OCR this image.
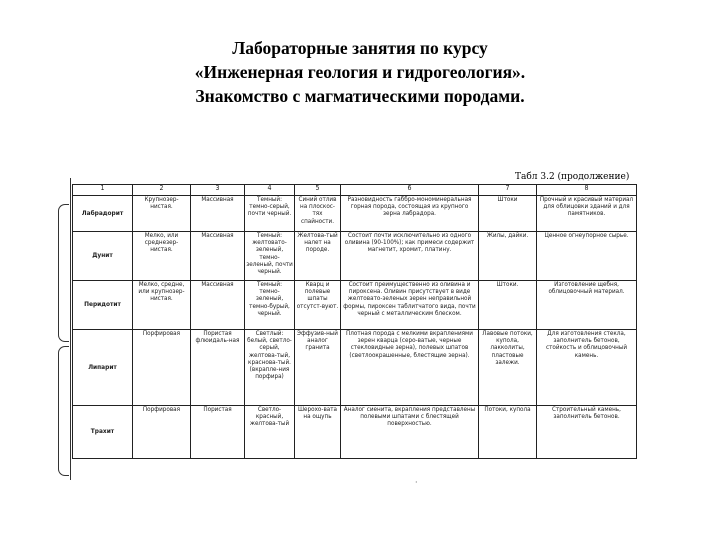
Лабораторные занятия по курсу
«Инженерная геология и гидрогеология».
Знакомство с магматическими породами.
Табл 3.2 (продолжение)
·
1	2	3	4	5	6	7	8
Лабрадорит	Крупнозер-нистая.	Массивная	Темный: темно-серый, почти черный.	Синий отлив на плоскос-тях спайности.	Разновидность габбро-мономинеральная горная порода, состоящая из крупного зерна лабрадора.	Штоки	Прочный и красивый материал для облицовки зданий и для памятников.
Дунит	Мелко, или среднезер-нистая.	Массивная	Темный: желтовато-зеленый, темно-зеленый, почти черный.	Желтова-тый налет на породе.	Состоит почти исключительно из одного оливина (90-100%); как примеси содержит магнетит, хромит, платину.	Жилы, дайки.	Ценное огнеупорное сырье.
Перидотит	Мелко, средне, или крупнозер-нистая.	Массивная	Темный: темно-зеленый, темно-бурый, черный.	Кварц и полевые шпаты отсутст-вуют.	Состоит преимущественно из оливина и пироксена. Оливин присутствует в виде желтовато-зеленых зерен неправильной формы, пироксен таблитчатого вида, почти черный с металлическим блеском.	Штоки.	Изготовление щебня, облицовочный материал.
Липарит	Порфировая	Пористая флюидаль-ная	Светлый: белый, светло-серый, желтова-тый, краснова-тый. (вкрапле-ния порфира)	Эффузив-ный аналог гранита	Плотная порода с мелкими вкраплениями зерен кварца (серо-ватые, черные стекловидные зерна), полевых шпатов (светлоокрашенные, блестящие зерна).	Лавовые потоки, купола, лакколиты, пластовые залежи.	Для изготовления стекла, заполнитель бетонов, стойкость и облицовочный камень.
Трахит	Порфировая	Пористая	Светло-красный, желтова-тый	Шерохо-вата на ощупь	Аналог сиенита, вкрапления представлены полевыми шпатами с блестящей поверхностью.	Потоки, купола	Строительный камень, заполнитель бетонов.
